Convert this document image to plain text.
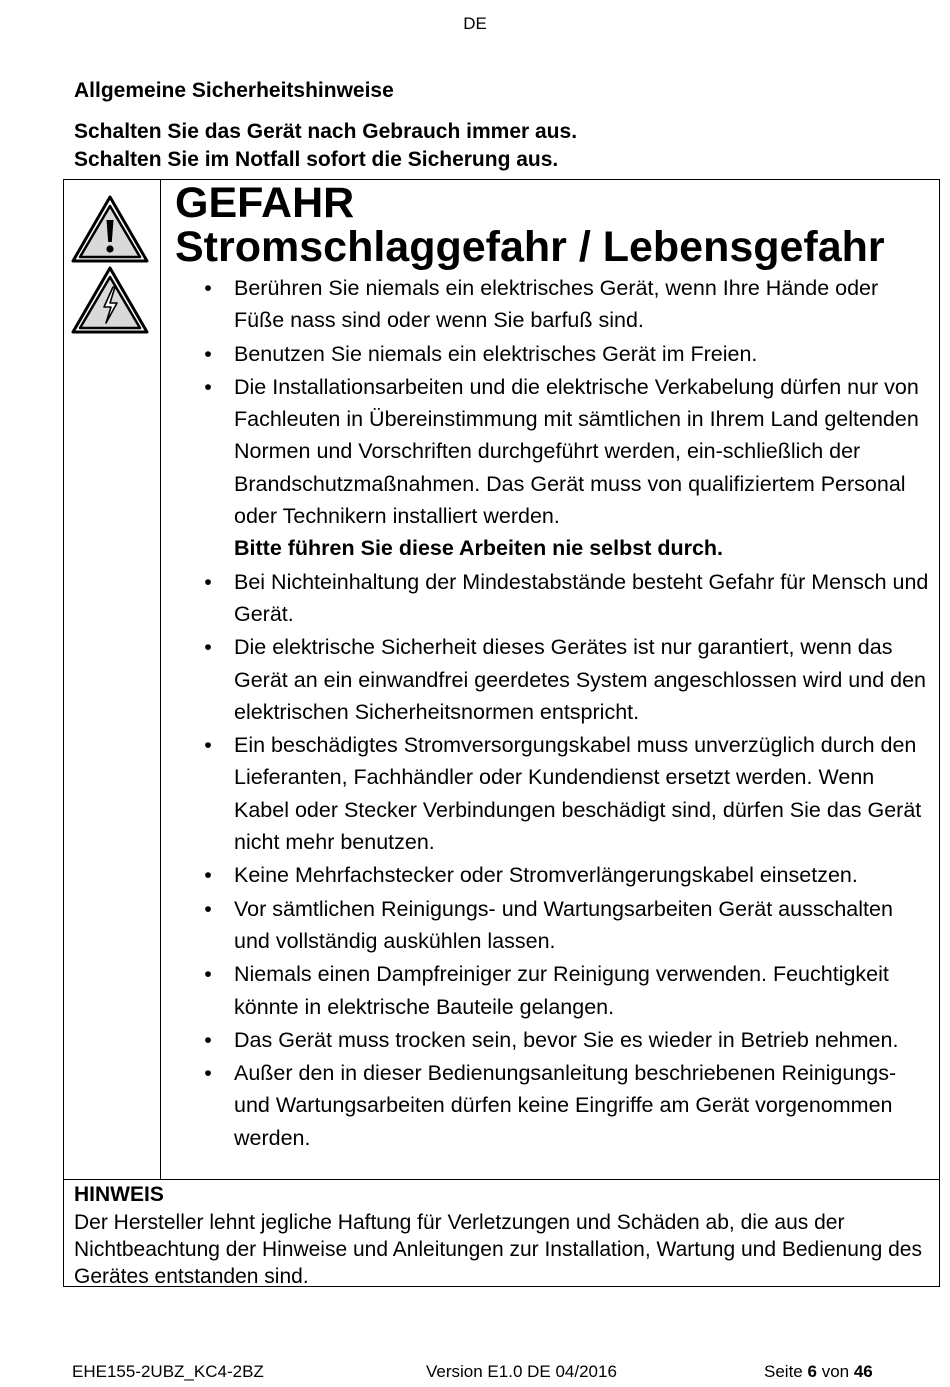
DE
Allgemeine Sicherheitshinweise
Schalten Sie das Gerät nach Gebrauch immer aus.
Schalten Sie im Notfall sofort die Sicherung aus.
GEFAHR
Stromschlaggefahr / Lebensgefahr
• Berühren Sie niemals ein elektrisches Gerät, wenn Ihre Hände oder Füße nass sind oder wenn Sie barfuß sind.
• Benutzen Sie niemals ein elektrisches Gerät im Freien.
• Die Installationsarbeiten und die elektrische Verkabelung dürfen nur von Fachleuten in Übereinstimmung mit sämtlichen in Ihrem Land geltenden Normen und Vorschriften durchgeführt werden, ein-schließlich der Brandschutzmaßnahmen. Das Gerät muss von qualifiziertem Personal oder Technikern installiert werden.
Bitte führen Sie diese Arbeiten nie selbst durch.
• Bei Nichteinhaltung der Mindestabstände besteht Gefahr für Mensch und Gerät.
• Die elektrische Sicherheit dieses Gerätes ist nur garantiert, wenn das Gerät an ein einwandfrei geerdetes System angeschlossen wird und den elektrischen Sicherheitsnormen entspricht.
• Ein beschädigtes Stromversorgungskabel muss unverzüglich durch den Lieferanten, Fachhändler oder Kundendienst ersetzt werden. Wenn Kabel oder Stecker Verbindungen beschädigt sind, dürfen Sie das Gerät nicht mehr benutzen.
• Keine Mehrfachstecker oder Stromverlängerungskabel einsetzen.
• Vor sämtlichen Reinigungs- und Wartungsarbeiten Gerät ausschalten und vollständig auskühlen lassen.
• Niemals einen Dampfreiniger zur Reinigung verwenden. Feuchtigkeit könnte in elektrische Bauteile gelangen.
• Das Gerät muss trocken sein, bevor Sie es wieder in Betrieb nehmen.
• Außer den in dieser Bedienungsanleitung beschriebenen Reinigungs- und Wartungsarbeiten dürfen keine Eingriffe am Gerät vorgenommen werden.
HINWEIS
Der Hersteller lehnt jegliche Haftung für Verletzungen und Schäden ab, die aus der Nichtbeachtung der Hinweise und Anleitungen zur Installation, Wartung und Bedienung des Gerätes entstanden sind.
EHE155-2UBZ_KC4-2BZ	Version E1.0 DE 04/2016	Seite 6 von 46
